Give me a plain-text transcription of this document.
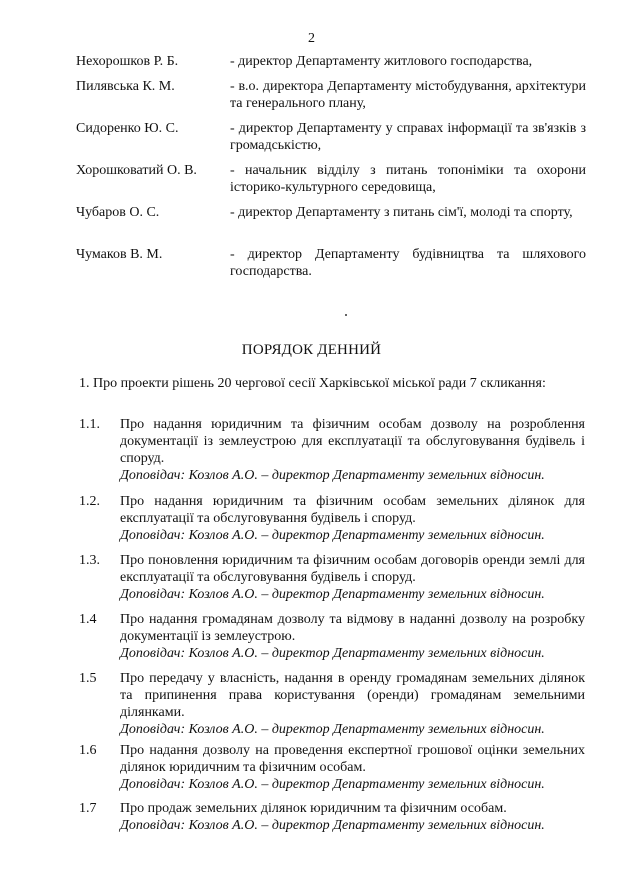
2
Нехорошков Р. Б.	- директор Департаменту житлового господарства,
Пилявська К. М.	- в.о. директора Департаменту містобудування, архітектури та генерального плану,
Сидоренко Ю. С.	- директор Департаменту у справах інформації та зв'язків з громадськістю,
Хорошковатий О. В.	- начальник відділу з питань топоніміки та охорони історико-культурного середовища,
Чубаров О. С.	- директор Департаменту з питань сім'ї, молоді та спорту,
Чумаков В. М.	- директор Департаменту будівництва та шляхового господарства.
ПОРЯДОК ДЕННИЙ
1. Про проекти рішень 20 чергової сесії Харківської міської ради 7 скликання:
1.1.	Про надання юридичним та фізичним особам дозволу на розроблення документації із землеустрою для експлуатації та обслуговування будівель і споруд.
Доповідач: Козлов А.О. – директор Департаменту земельних відносин.
1.2.	Про надання юридичним та фізичним особам земельних ділянок для експлуатації та обслуговування будівель і споруд.
Доповідач: Козлов А.О. – директор Департаменту земельних відносин.
1.3.	Про поновлення юридичним та фізичним особам договорів оренди землі для експлуатації та обслуговування будівель і споруд.
Доповідач: Козлов А.О. – директор Департаменту земельних відносин.
1.4	Про надання громадянам дозволу та відмову в наданні дозволу на розробку документації із землеустрою.
Доповідач: Козлов А.О. – директор Департаменту земельних відносин.
1.5	Про передачу у власність, надання в оренду громадянам земельних ділянок та припинення права користування (оренди) громадянам земельними ділянками.
Доповідач: Козлов А.О. – директор Департаменту земельних відносин.
1.6	Про надання дозволу на проведення експертної грошової оцінки земельних ділянок юридичним та фізичним особам.
Доповідач: Козлов А.О. – директор Департаменту земельних відносин.
1.7	Про продаж земельних ділянок юридичним та фізичним особам.
Доповідач: Козлов А.О. – директор Департаменту земельних відносин.
